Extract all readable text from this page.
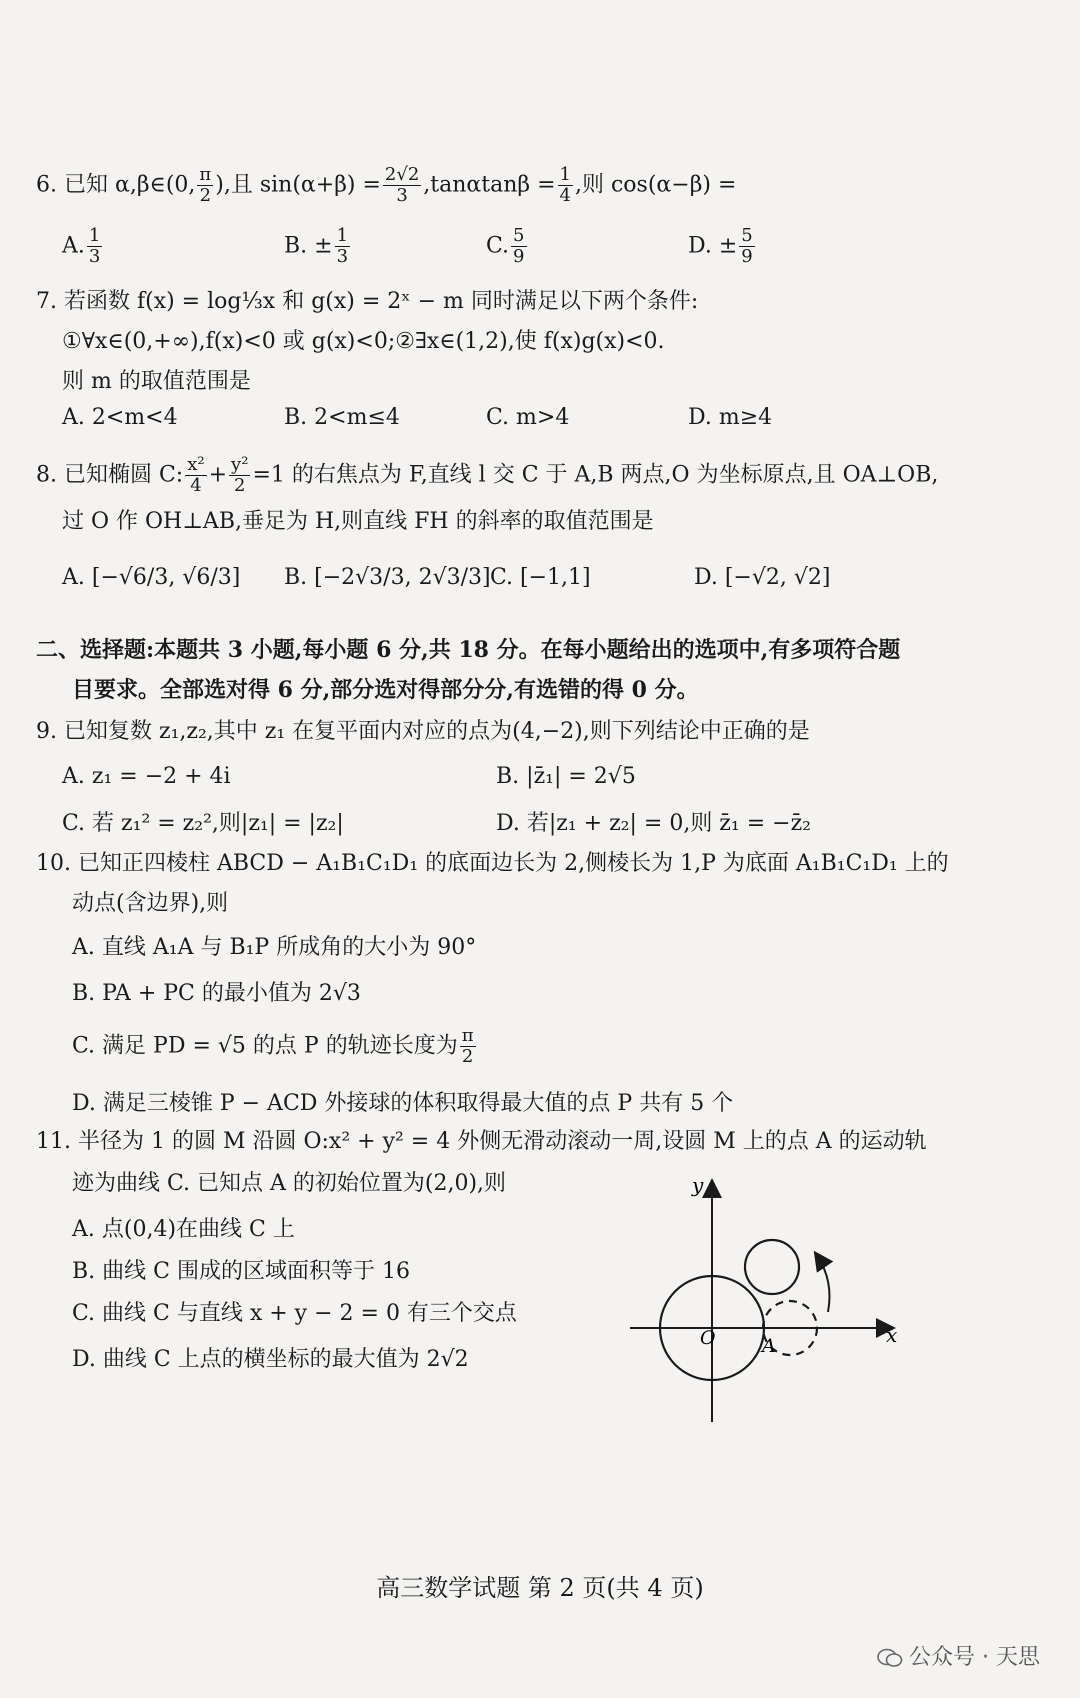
6. 已知 α,β∈(0, $\frac{\pi}{2}$ ),且 $\sin(\alpha+\beta) = \frac{2√2}{3} ,\tan\alpha\tan\beta = \frac{1}{4}$ ,则 cos(α−β) =
A. $\frac{1}{3}$	B. ± $\frac{1}{3}$	C. $\frac{5}{9}$	D. ± $\frac{5}{9}$
7. 若函数 f(x) = log⅓x 和 g(x) = 2ˣ − m 同时满足以下两个条件:
①∀x∈(0,+∞),f(x)<0 或 g(x)<0;②∃x∈(1,2),使 f(x)g(x)<0.
则 m 的取值范围是
A. 2<m<4	B. 2<m≤4	C. m>4	D. m≥4
8. 已知椭圆 C: $\frac{\text{x²}}{4} + \frac{\text{y²}}{2} =1$ 的右焦点为 F,直线 l 交 C 于 A,B 两点,O 为坐标原点,且 OA⊥OB,
过 O 作 OH⊥AB,垂足为 H,则直线 FH 的斜率的取值范围是
A. [−√6/3, √6/3] B. [−2√3/3, 2√3/3] C. [−1,1]	D. [−√2, √2]
二、选择题:本题共 3 小题,每小题 6 分,共 18 分。在每小题给出的选项中,有多项符合题
目要求。全部选对得 6 分,部分选对得部分分,有选错的得 0 分。
9. 已知复数 z₁,z₂,其中 z₁ 在复平面内对应的点为(4,−2),则下列结论中正确的是
A. z₁ = −2 + 4i	B. |z̄₁| = 2√5
C. 若 z₁² = z₂²,则|z₁| = |z₂|	D. 若|z₁ + z₂| = 0,则 z̄₁ = −z̄₂
10. 已知正四棱柱 ABCD − A₁B₁C₁D₁ 的底面边长为 2,侧棱长为 1,P 为底面 A₁B₁C₁D₁ 上的
动点(含边界),则
A. 直线 A₁A 与 B₁P 所成角的大小为 90°
B. PA + PC 的最小值为 2√3
C. 满足 PD = √5 的点 P 的轨迹长度为 $\frac{\pi}{2}$
D. 满足三棱锥 P − ACD 外接球的体积取得最大值的点 P 共有 5 个
11. 半径为 1 的圆 M 沿圆 O:x² + y² = 4 外侧无滑动滚动一周,设圆 M 上的点 A 的运动轨
迹为曲线 C. 已知点 A 的初始位置为(2,0),则
A. 点(0,4)在曲线 C 上
B. 曲线 C 围成的区域面积等于 16
C. 曲线 C 与直线 x + y − 2 = 0 有三个交点
D. 曲线 C 上点的横坐标的最大值为 2√2
x
y
O A
高三数学试题 第 2 页(共 4 页)
公众号 · 天思
